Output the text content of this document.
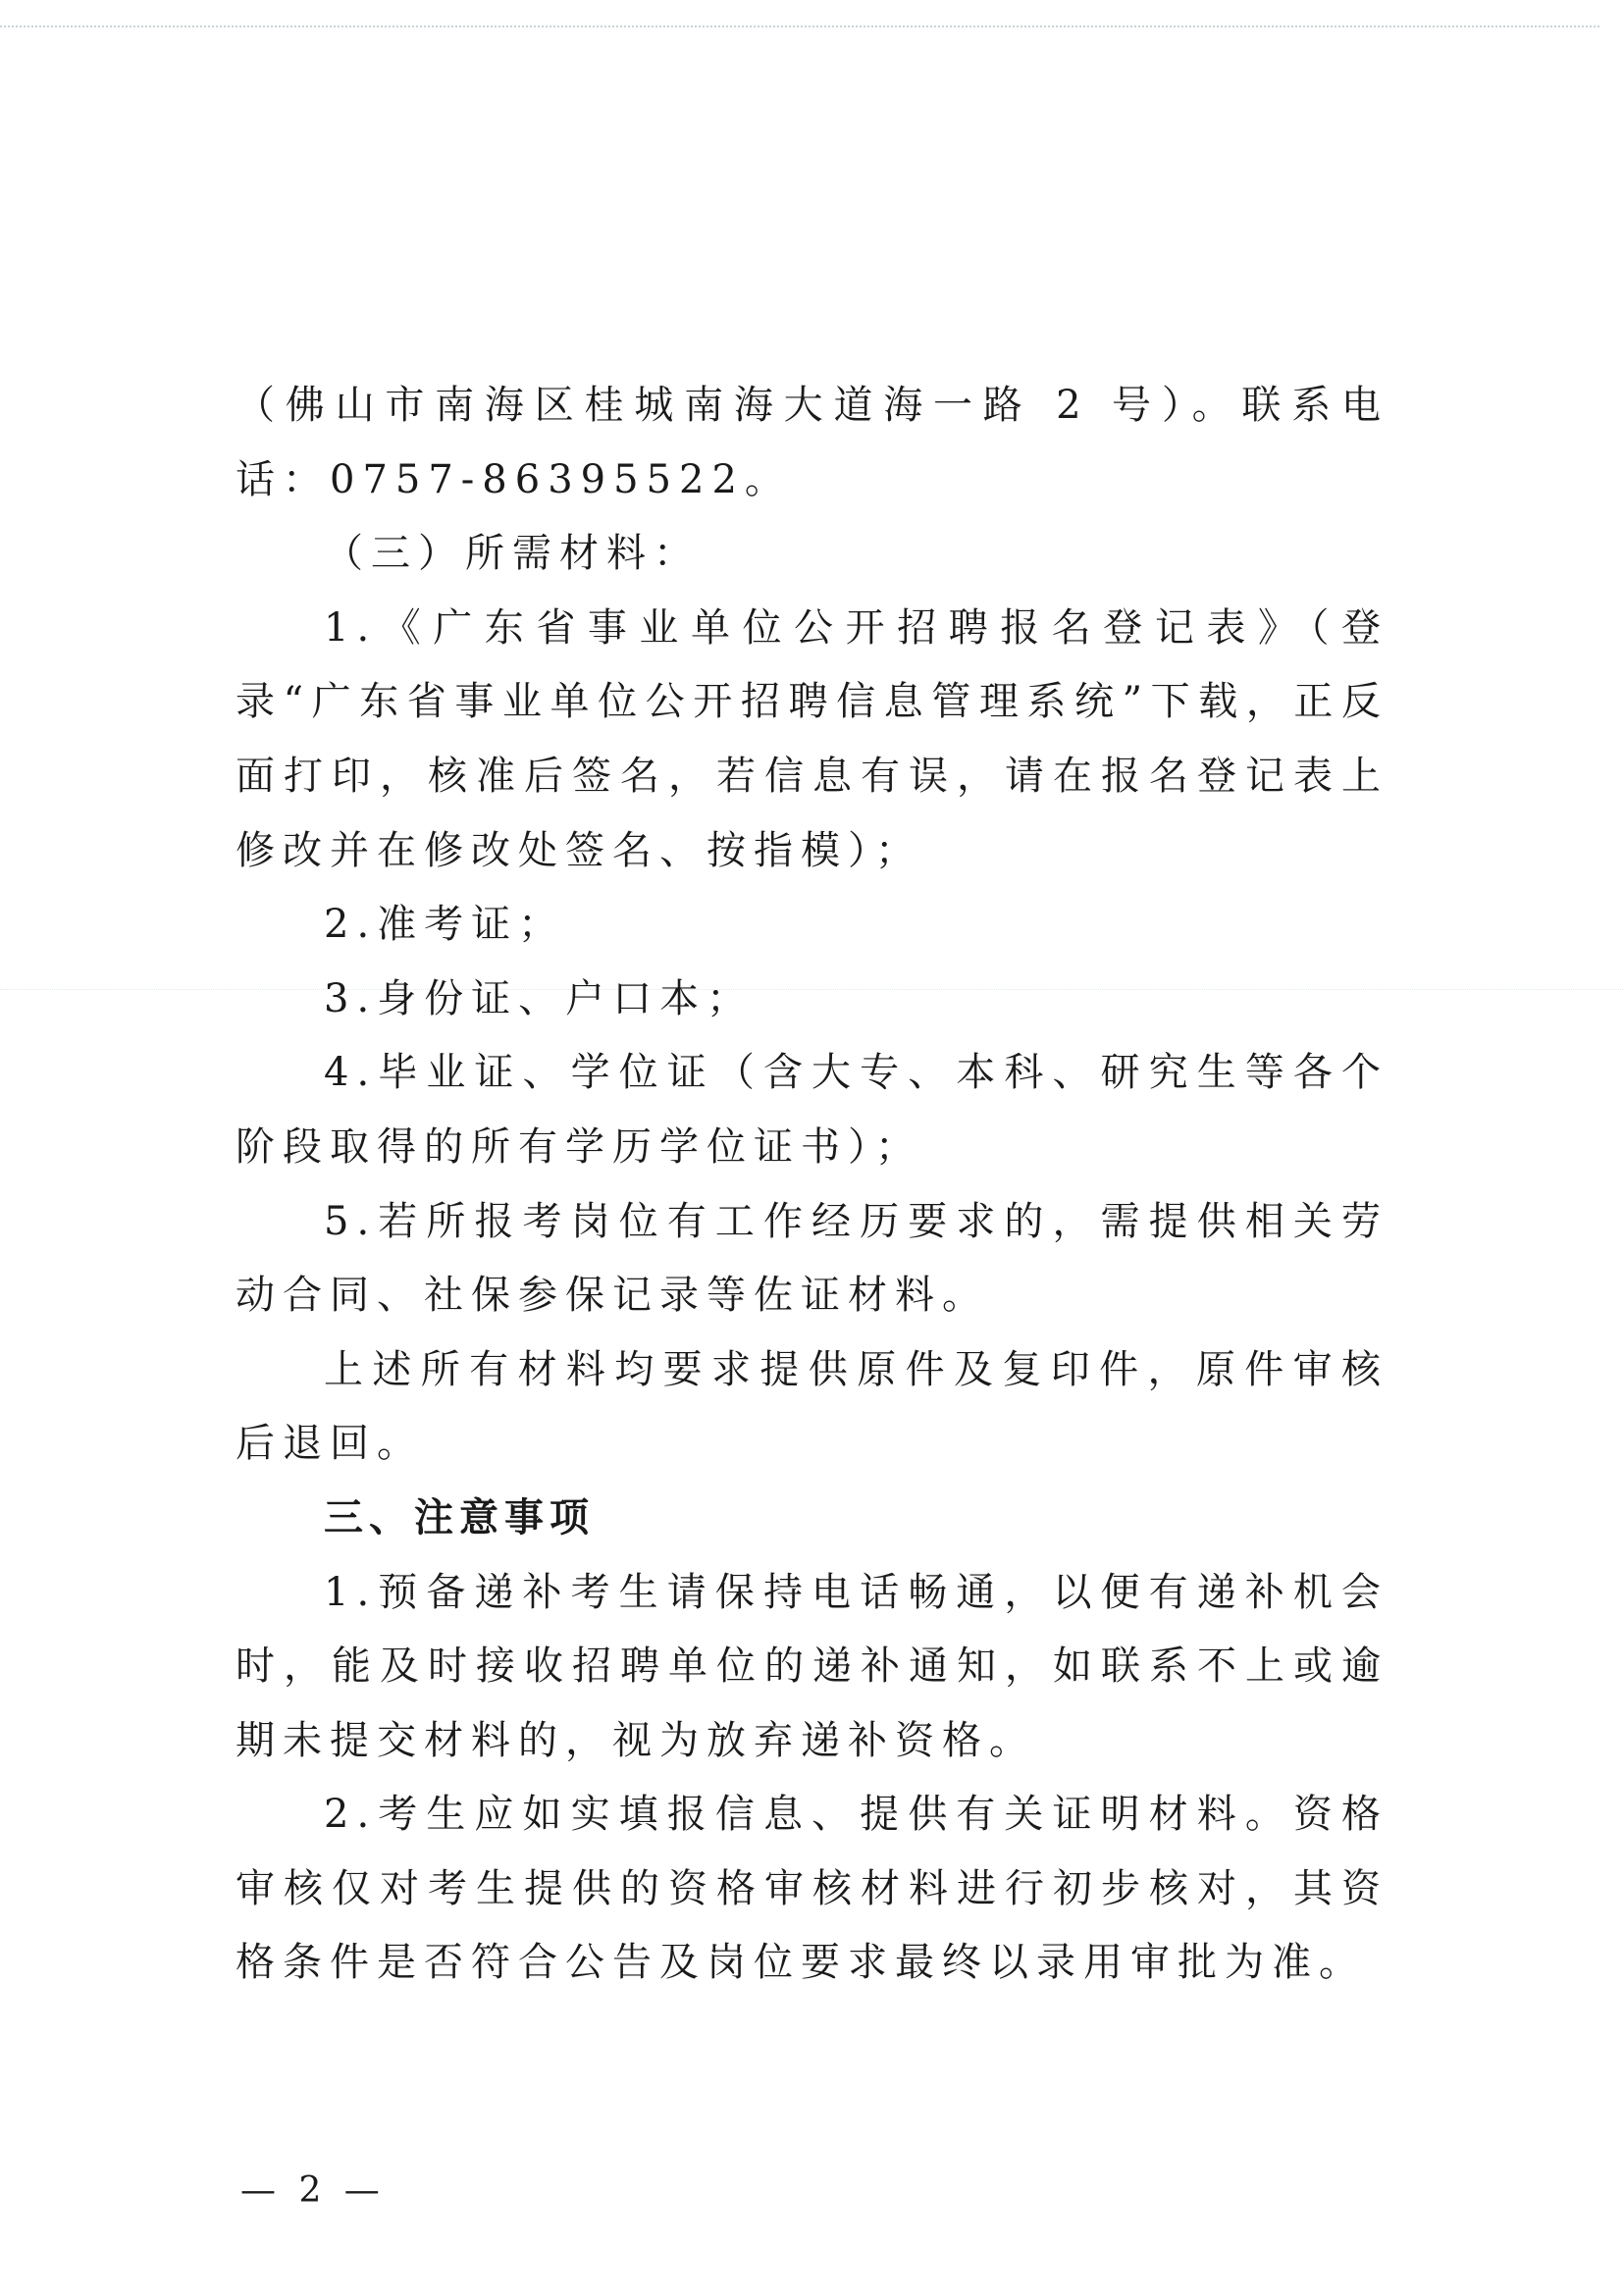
（佛山市南海区桂城南海大道海一路 2 号）。联系电话：0757-86395522。

（三）所需材料：

1.《广东省事业单位公开招聘报名登记表》（登录“广东省事业单位公开招聘信息管理系统”下载，正反面打印，核准后签名，若信息有误，请在报名登记表上修改并在修改处签名、按指模）；

2.准考证；

3.身份证、户口本；

4.毕业证、学位证（含大专、本科、研究生等各个阶段取得的所有学历学位证书）；

5.若所报考岗位有工作经历要求的，需提供相关劳动合同、社保参保记录等佐证材料。

上述所有材料均要求提供原件及复印件，原件审核后退回。

三、注意事项

1.预备递补考生请保持电话畅通，以便有递补机会时，能及时接收招聘单位的递补通知，如联系不上或逾期未提交材料的，视为放弃递补资格。

2.考生应如实填报信息、提供有关证明材料。资格审核仅对考生提供的资格审核材料进行初步核对，其资格条件是否符合公告及岗位要求最终以录用审批为准。

— 2 —
